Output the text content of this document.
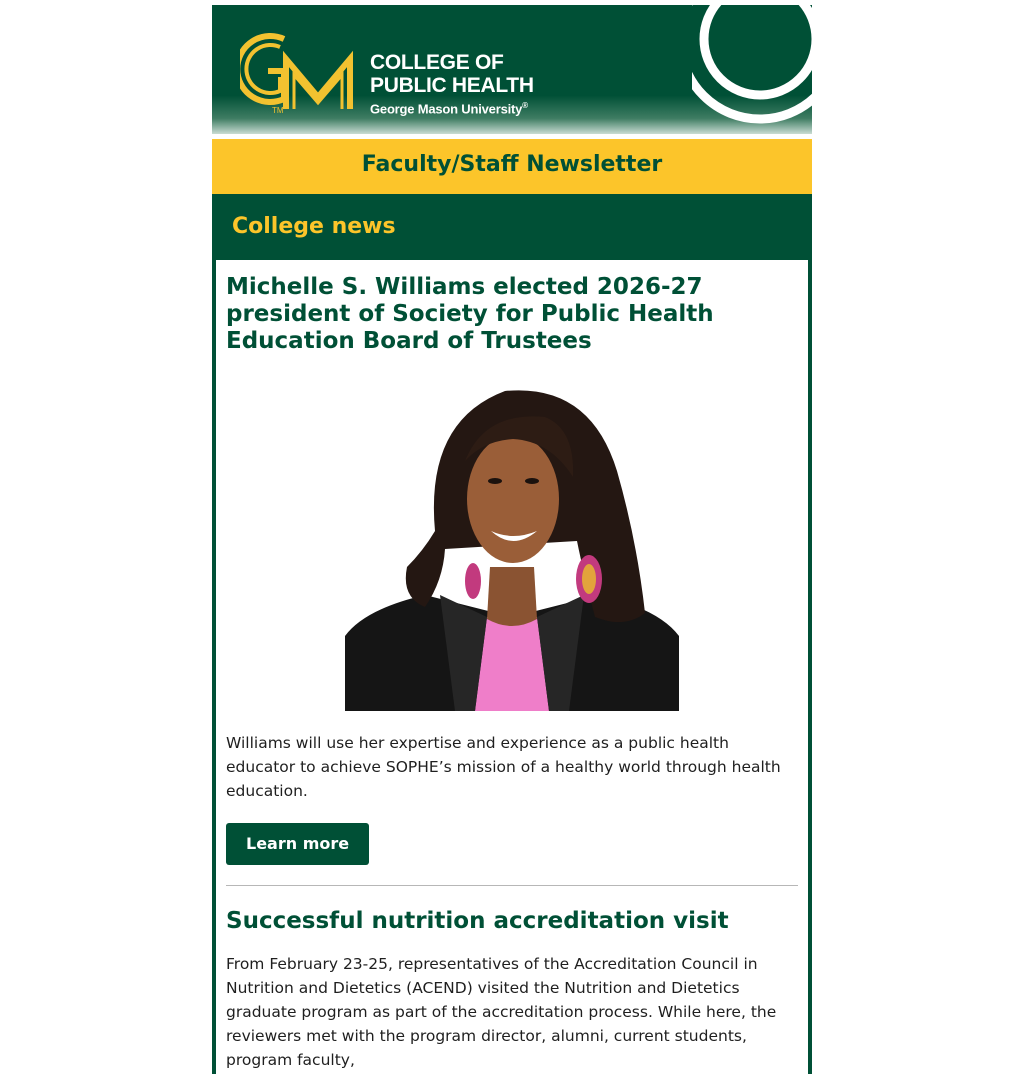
TM
COLLEGE OF
PUBLIC HEALTH
George Mason University®
Faculty/Staff Newsletter
College news
Michelle S. Williams elected 2026-27 president of Society for Public Health Education Board of Trustees

Williams will use her expertise and experience as a public health educator to achieve SOPHE’s mission of a healthy world through health education.

Learn more
Successful nutrition accreditation visit

From February 23-25, representatives of the Accreditation Council in Nutrition and Dietetics (ACEND) visited the Nutrition and Dietetics graduate program as part of the accreditation process. While here, the reviewers met with the program director, alumni, current students, program faculty,
